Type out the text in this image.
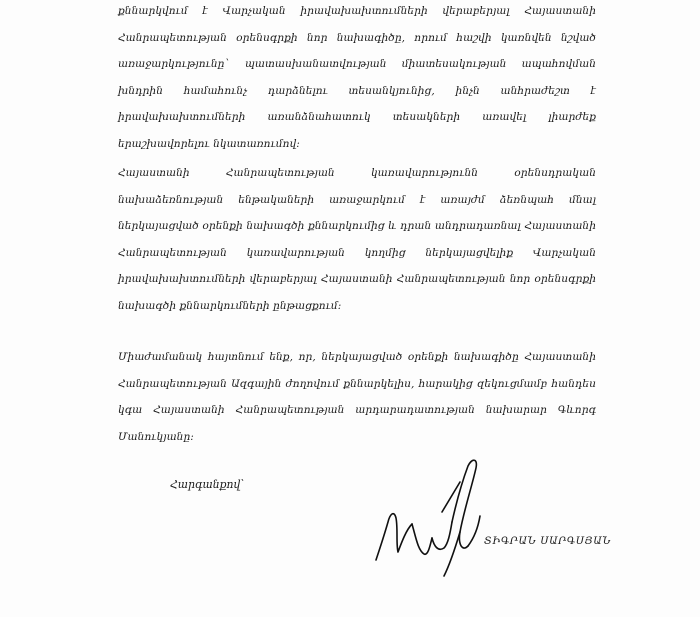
քննարկվում է Վարչական իրավախախտումների վերաբերյալ Հայաստանի Հանրապետության օրենսգրքի նոր նախագիծը, որում հաշվի կառնվեն նշված առաջարկությունը` պատասխանատվության միատեսակության ապահովման խնդրին համահունչ դարձնելու տեսանկյունից, ինչն անհրաժեշտ է իրավախախտումների առանձնահատուկ տեսակների առավել լիարժեք երաշխավորելու նկատառումով:

Հայաստանի Հանրապետության կառավարությունն օրենսդրական նախաձեռնության ենթակաների առաջարկում է առայժմ ձեռնպահ մնալ ներկայացված օրենքի նախագծի քննարկումից և դրան անդրադառնալ Հայաստանի Հանրապետության կառավարության կողմից ներկայացվելիք Վարչական իրավախախտումների վերաբերյալ Հայաստանի Հանրապետության նոր օրենսգրքի նախագծի քննարկումների ընթացքում:

Միաժամանակ հայտնում ենք, որ, ներկայացված օրենքի նախագիծը Հայաստանի Հանրապետության Ազգային ժողովում քննարկելիս, հարակից զեկուցմամբ հանդես կգա Հայաստանի Հանրապետության արդարադատության նախարար Գևորգ Մանուկյանը:

Հարգանքով՝

ՏԻԳՐԱՆ ՍԱՐԳՍՅԱՆ
